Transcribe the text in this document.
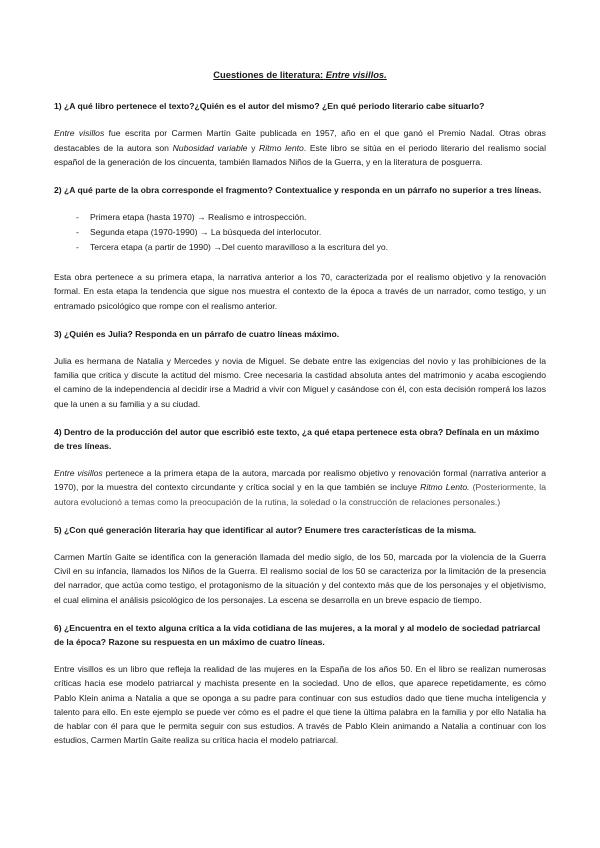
Cuestiones de literatura: Entre visillos.
1) ¿A qué libro pertenece el texto?¿Quién es el autor del mismo? ¿En qué periodo literario cabe situarlo?

Entre visillos fue escrita por Carmen Martín Gaite publicada en 1957, año en el que ganó el Premio Nadal. Otras obras destacables de la autora son Nubosidad variable y Ritmo lento. Este libro se sitúa en el periodo literario del realismo social español de la generación de los cincuenta, también llamados Niños de la Guerra, y en la literatura de posguerra.

2) ¿A qué parte de la obra corresponde el fragmento? Contextualice y responda en un párrafo no superior a tres líneas.
- Primera etapa (hasta 1970) → Realismo e introspección.
- Segunda etapa (1970-1990) → La búsqueda del interlocutor.
- Tercera etapa (a partir de 1990) →Del cuento maravilloso a la escritura del yo.

Esta obra pertenece a su primera etapa, la narrativa anterior a los 70, caracterizada por el realismo objetivo y la renovación formal. En esta etapa la tendencia que sigue nos muestra el contexto de la época a través de un narrador, como testigo, y un entramado psicológico que rompe con el realismo anterior.

3) ¿Quién es Julia? Responda en un párrafo de cuatro líneas máximo.

Julia es hermana de Natalia y Mercedes y novia de Miguel. Se debate entre las exigencias del novio y las prohibiciones de la familia que critica y discute la actitud del mismo. Cree necesaria la castidad absoluta antes del matrimonio y acaba escogiendo el camino de la independencia al decidir irse a Madrid a vivir con Miguel y casándose con él, con esta decisión romperá los lazos que la unen a su familia y a su ciudad.

4) Dentro de la producción del autor que escribió este texto, ¿a qué etapa pertenece esta obra? Defínala en un máximo de tres líneas.

Entre visillos pertenece a la primera etapa de la autora, marcada por realismo objetivo y renovación formal (narrativa anterior a 1970), por la muestra del contexto circundante y crítica social y en la que también se incluye Ritmo Lento. (Posteriormente, la autora evolucionó a temas como la preocupación de la rutina, la soledad o la construcción de relaciones personales.)

5) ¿Con qué generación literaria hay que identificar al autor? Enumere tres características de la misma.

Carmen Martín Gaite se identifica con la generación llamada del medio siglo, de los 50, marcada por la violencia de la Guerra Civil en su infancia, llamados los Niños de la Guerra. El realismo social de los 50 se caracteriza por la limitación de la presencia del narrador, que actúa como testigo, el protagonismo de la situación y del contexto más que de los personajes y el objetivismo, el cual elimina el análisis psicológico de los personajes. La escena se desarrolla en un breve espacio de tiempo.

6) ¿Encuentra en el texto alguna crítica a la vida cotidiana de las mujeres, a la moral y al modelo de sociedad patriarcal de la época? Razone su respuesta en un máximo de cuatro líneas.

Entre visillos es un libro que refleja la realidad de las mujeres en la España de los años 50. En el libro se realizan numerosas críticas hacia ese modelo patriarcal y machista presente en la sociedad. Uno de ellos, que aparece repetidamente, es cómo Pablo Klein anima a Natalia a que se oponga a su padre para continuar con sus estudios dado que tiene mucha inteligencia y talento para ello. En este ejemplo se puede ver cómo es el padre el que tiene la última palabra en la familia y por ello Natalia ha de hablar con él para que le permita seguir con sus estudios. A través de Pablo Klein animando a Natalia a continuar con los estudios, Carmen Martín Gaite realiza su crítica hacia el modelo patriarcal.
